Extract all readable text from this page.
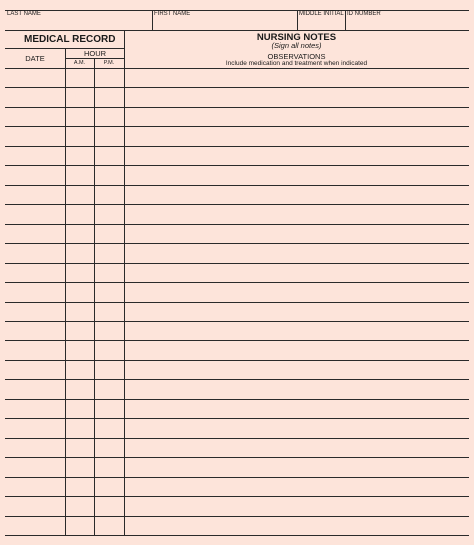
LAST NAME	FIRST NAME	MIDDLE INITIAL ID NUMBER
MEDICAL RECORD	NURSING NOTES
(Sign all notes)
DATE
HOUR
A.M.	P.M.
OBSERVATIONS
Include medication and treatment when indicated
